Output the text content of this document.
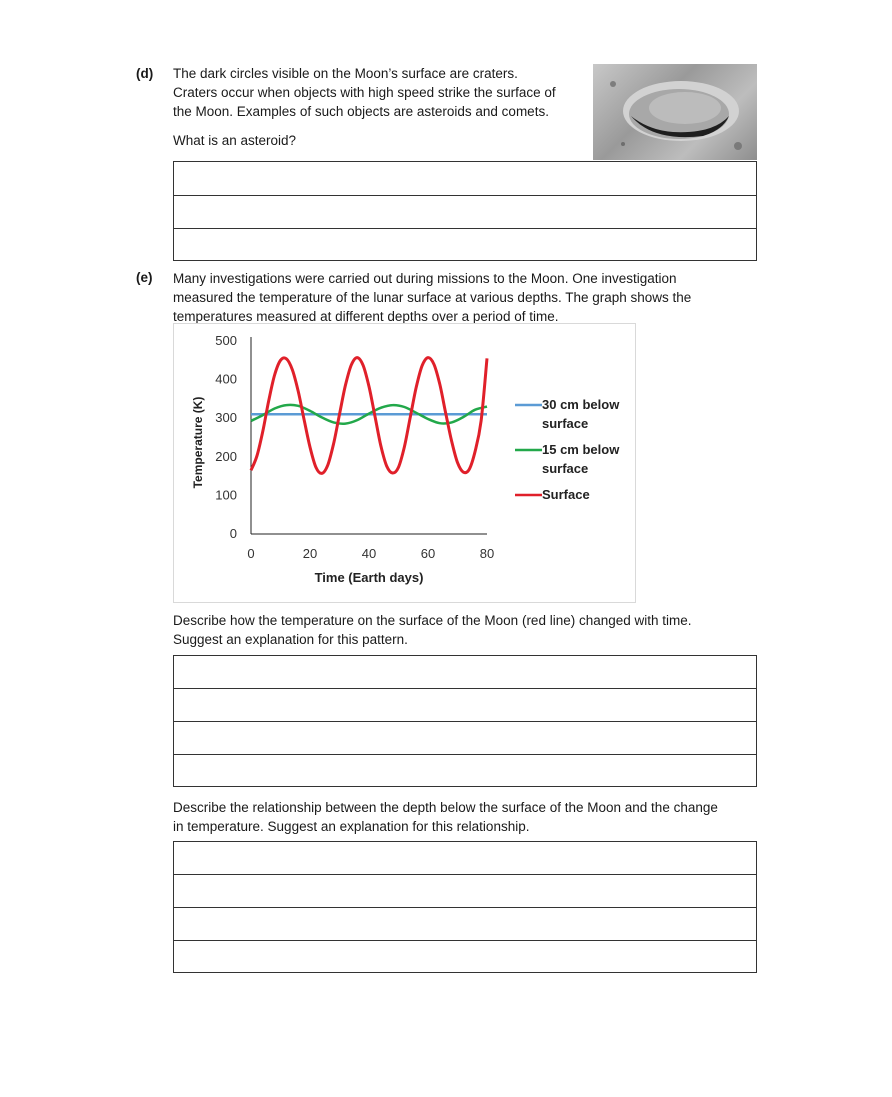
(d) The dark circles visible on the Moon’s surface are craters.
Craters occur when objects with high speed strike the surface of
the Moon. Examples of such objects are asteroids and comets.
What is an asteroid?
(e) Many investigations were carried out during missions to the Moon. One investigation
measured the temperature of the lunar surface at various depths. The graph shows the
temperatures measured at different depths over a period of time.
0
100
200
300
400
500
0	20	40	60	80
Temperature (K)
Time (Earth days)
30 cm below
surface
15 cm below
surface
Surface
Describe how the temperature on the surface of the Moon (red line) changed with time.
Suggest an explanation for this pattern.
Describe the relationship between the depth below the surface of the Moon and the change
in temperature. Suggest an explanation for this relationship.
